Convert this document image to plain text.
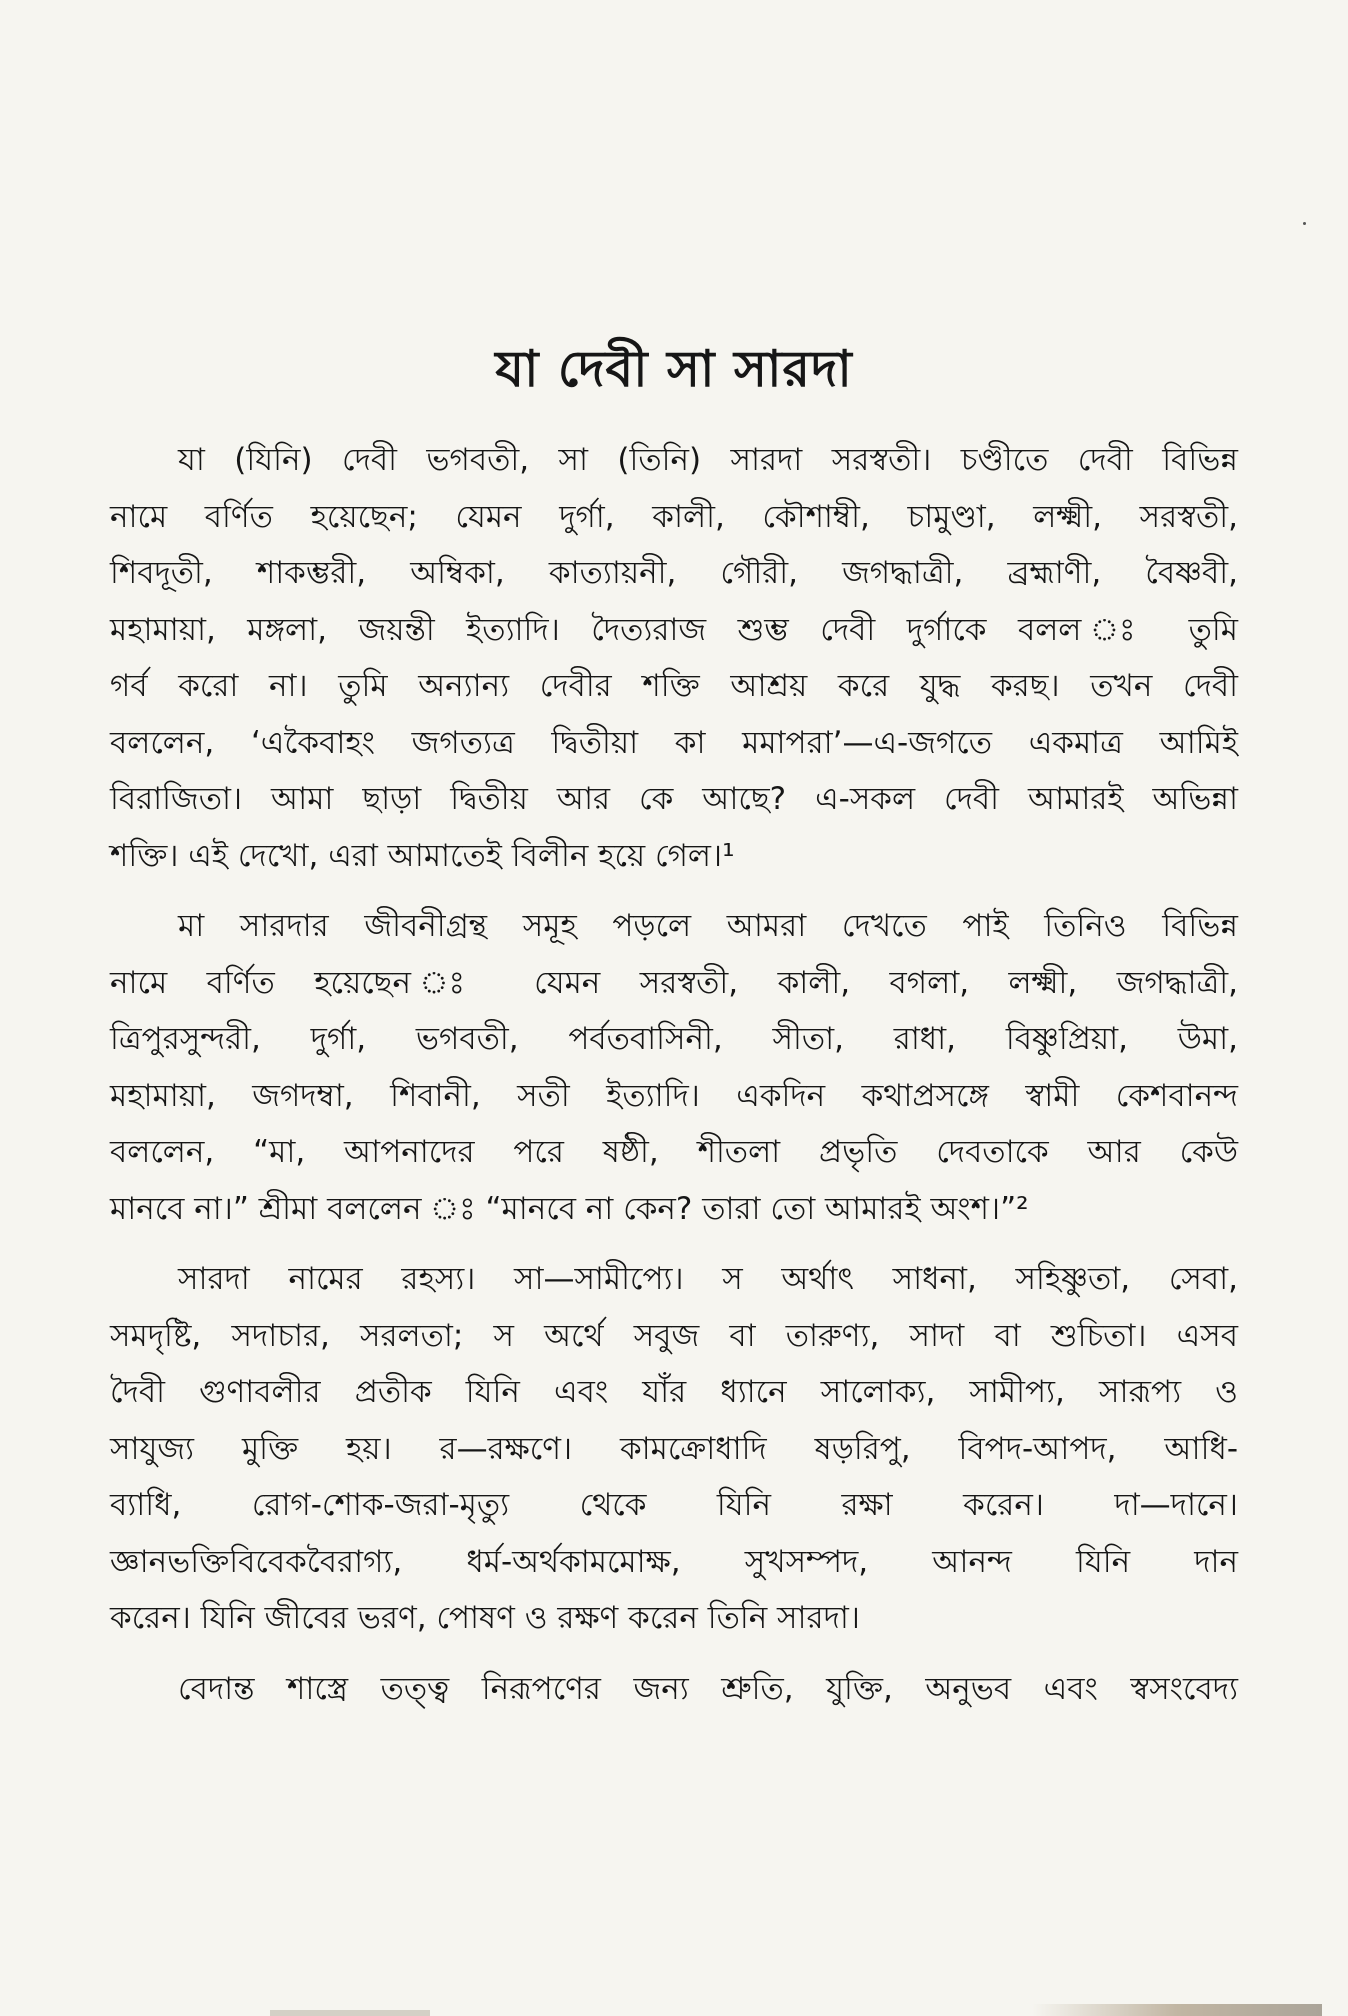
যা দেবী সা সারদা
যা (যিনি) দেবী ভগবতী, সা (তিনি) সারদা সরস্বতী। চণ্ডীতে দেবী বিভিন্ন
নামে বর্ণিত হয়েছেন; যেমন দুর্গা, কালী, কৌশাম্বী, চামুণ্ডা, লক্ষ্মী, সরস্বতী,
শিবদূতী, শাকম্ভরী, অম্বিকা, কাত্যায়নী, গৌরী, জগদ্ধাত্রী, ব্রহ্মাণী, বৈষ্ণবী,
মহামায়া, মঙ্গলা, জয়ন্তী ইত্যাদি। দৈত্যরাজ শুম্ভ দেবী দুর্গাকে বলল ঃ তুমি
গর্ব করো না। তুমি অন্যান্য দেবীর শক্তি আশ্রয় করে যুদ্ধ করছ। তখন দেবী
বললেন, ‘একৈবাহং জগত্যত্র দ্বিতীয়া কা মমাপরা’—এ-জগতে একমাত্র আমিই
বিরাজিতা। আমা ছাড়া দ্বিতীয় আর কে আছে? এ-সকল দেবী আমারই অভিন্না
শক্তি। এই দেখো, এরা আমাতেই বিলীন হয়ে গেল।¹
মা সারদার জীবনীগ্রন্থ সমূহ পড়লে আমরা দেখতে পাই তিনিও বিভিন্ন
নামে বর্ণিত হয়েছেন ঃ যেমন সরস্বতী, কালী, বগলা, লক্ষ্মী, জগদ্ধাত্রী,
ত্রিপুরসুন্দরী, দুর্গা, ভগবতী, পর্বতবাসিনী, সীতা, রাধা, বিষ্ণুপ্রিয়া, উমা,
মহামায়া, জগদম্বা, শিবানী, সতী ইত্যাদি। একদিন কথাপ্রসঙ্গে স্বামী কেশবানন্দ
বললেন, “মা, আপনাদের পরে ষষ্ঠী, শীতলা প্রভৃতি দেবতাকে আর কেউ
মানবে না।” শ্রীমা বললেন ঃ “মানবে না কেন? তারা তো আমারই অংশ।”²
সারদা নামের রহস্য। সা—সামীপ্যে। স অর্থাৎ সাধনা, সহিষ্ণুতা, সেবা,
সমদৃষ্টি, সদাচার, সরলতা; স অর্থে সবুজ বা তারুণ্য, সাদা বা শুচিতা। এসব
দৈবী গুণাবলীর প্রতীক যিনি এবং যাঁর ধ্যানে সালোক্য, সামীপ্য, সারূপ্য ও
সাযুজ্য মুক্তি হয়। র—রক্ষণে। কামক্রোধাদি ষড়রিপু, বিপদ-আপদ, আধি-
ব্যাধি, রোগ-শোক-জরা-মৃত্যু থেকে যিনি রক্ষা করেন। দা—দানে।
জ্ঞানভক্তিবিবেকবৈরাগ্য, ধর্ম-অর্থকামমোক্ষ, সুখসম্পদ, আনন্দ যিনি দান
করেন। যিনি জীবের ভরণ, পোষণ ও রক্ষণ করেন তিনি সারদা।
বেদান্ত শাস্ত্রে তত্ত্ব নিরূপণের জন্য শ্রুতি, যুক্তি, অনুভব এবং স্বসংবেদ্য
